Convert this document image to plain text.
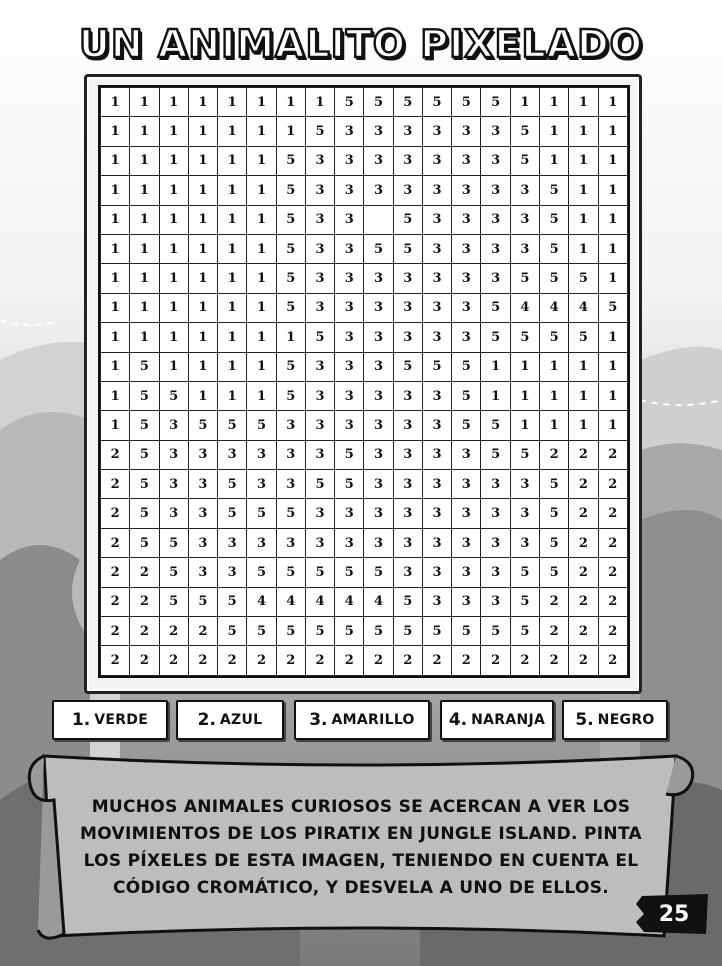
UN ANIMALITO PIXELADO
1	1	1	1	1	1	1	1	5	5	5	5	5	5	1	1	1	1
1	1	1	1	1	1	1	5	3	3	3	3	3	3	5	1	1	1
1	1	1	1	1	1	5	3	3	3	3	3	3	3	5	1	1	1
1	1	1	1	1	1	5	3	3	3	3	3	3	3	3	5	1	1
1	1	1	1	1	1	5	3	3		5	3	3	3	3	5	1	1
1	1	1	1	1	1	5	3	3	5	5	3	3	3	3	5	1	1
1	1	1	1	1	1	5	3	3	3	3	3	3	3	5	5	5	1
1	1	1	1	1	1	5	3	3	3	3	3	3	5	4	4	4	5
1	1	1	1	1	1	1	5	3	3	3	3	3	5	5	5	5	1
1	5	1	1	1	1	5	3	3	3	5	5	5	1	1	1	1	1
1	5	5	1	1	1	5	3	3	3	3	3	5	1	1	1	1	1
1	5	3	5	5	5	3	3	3	3	3	3	5	5	1	1	1	1
2	5	3	3	3	3	3	3	5	3	3	3	3	5	5	2	2	2
2	5	3	3	5	3	3	5	5	3	3	3	3	3	3	5	2	2
2	5	3	3	5	5	5	3	3	3	3	3	3	3	3	5	2	2
2	5	5	3	3	3	3	3	3	3	3	3	3	3	3	5	2	2
2	2	5	3	3	5	5	5	5	5	3	3	3	3	5	5	2	2
2	2	5	5	5	4	4	4	4	4	5	3	3	3	5	2	2	2
2	2	2	2	5	5	5	5	5	5	5	5	5	5	5	2	2	2
2	2	2	2	2	2	2	2	2	2	2	2	2	2	2	2	2	2
1. VERDE	2. AZUL	3. AMARILLO 4. NARANJA 5. NEGRO
MUCHOS ANIMALES CURIOSOS SE ACERCAN A VER LOS MOVIMIENTOS DE LOS PIRATIX EN JUNGLE ISLAND. PINTA LOS PÍXELES DE ESTA IMAGEN, TENIENDO EN CUENTA EL CÓDIGO CROMÁTICO, Y DESVELA A UNO DE ELLOS.
25
